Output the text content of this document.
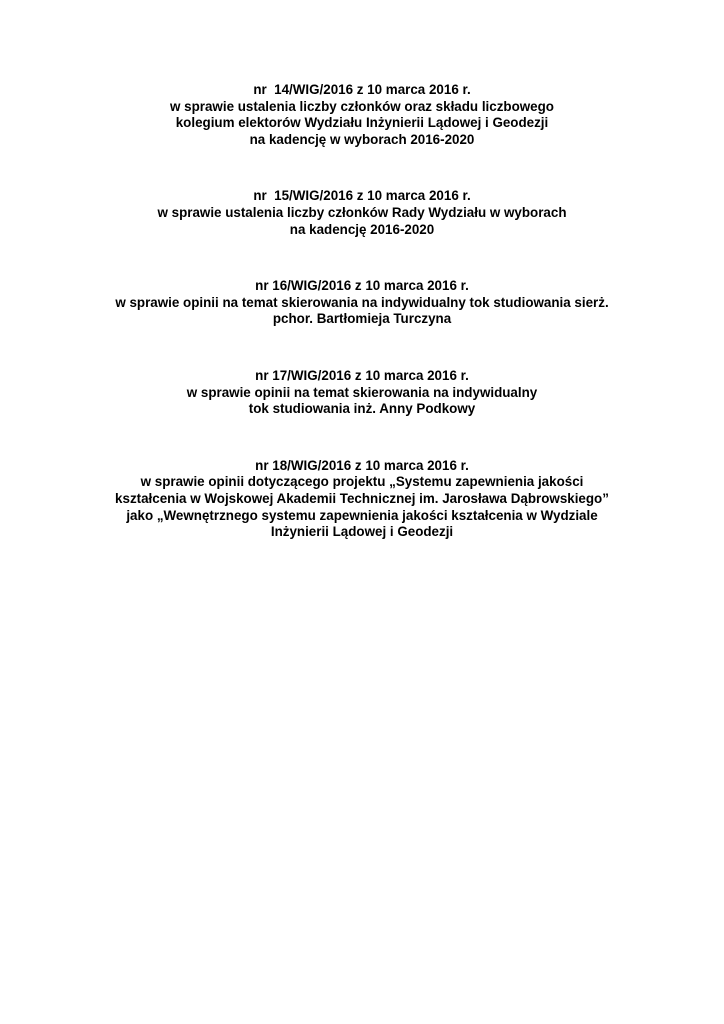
nr  14/WIG/2016 z 10 marca 2016 r.
w sprawie ustalenia liczby członków oraz składu liczbowego
kolegium elektorów Wydziału Inżynierii Lądowej i Geodezji
na kadencję w wyborach 2016-2020
nr  15/WIG/2016 z 10 marca 2016 r.
w sprawie ustalenia liczby członków Rady Wydziału w wyborach
na kadencję 2016-2020
nr 16/WIG/2016 z 10 marca 2016 r.
w sprawie opinii na temat skierowania na indywidualny tok studiowania sierż.
pchor. Bartłomieja Turczyna
nr 17/WIG/2016 z 10 marca 2016 r.
w sprawie opinii na temat skierowania na indywidualny
tok studiowania inż. Anny Podkowy
nr 18/WIG/2016 z 10 marca 2016 r.
w sprawie opinii dotyczącego projektu „Systemu zapewnienia jakości
kształcenia w Wojskowej Akademii Technicznej im. Jarosława Dąbrowskiego”
jako „Wewnętrznego systemu zapewnienia jakości kształcenia w Wydziale
Inżynierii Lądowej i Geodezji
